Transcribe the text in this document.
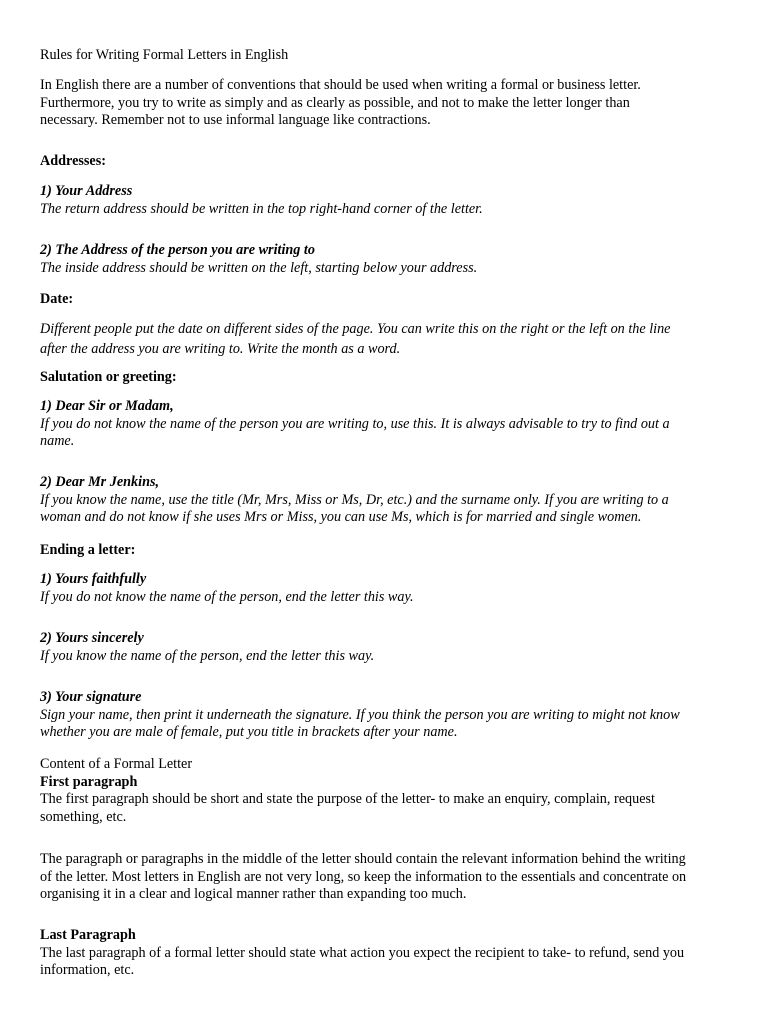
Rules for Writing Formal Letters in English

In English there are a number of conventions that should be used when writing a formal or business letter.
Furthermore, you try to write as simply and as clearly as possible, and not to make the letter longer than
necessary. Remember not to use informal language like contractions.

Addresses:

1) Your Address
The return address should be written in the top right-hand corner of the letter.

2) The Address of the person you are writing to
The inside address should be written on the left, starting below your address.

Date:

Different people put the date on different sides of the page. You can write this on the right or the left on the line
after the address you are writing to. Write the month as a word.

Salutation or greeting:

1) Dear Sir or Madam,
If you do not know the name of the person you are writing to, use this. It is always advisable to try to find out a
name.

2) Dear Mr Jenkins,
If you know the name, use the title (Mr, Mrs, Miss or Ms, Dr, etc.) and the surname only. If you are writing to a
woman and do not know if she uses Mrs or Miss, you can use Ms, which is for married and single women.

Ending a letter:

1) Yours faithfully
If you do not know the name of the person, end the letter this way.

2) Yours sincerely
If you know the name of the person, end the letter this way.

3) Your signature
Sign your name, then print it underneath the signature. If you think the person you are writing to might not know
whether you are male of female, put you title in brackets after your name.

Content of a Formal Letter
First paragraph
The first paragraph should be short and state the purpose of the letter- to make an enquiry, complain, request
something, etc.

The paragraph or paragraphs in the middle of the letter should contain the relevant information behind the writing
of the letter. Most letters in English are not very long, so keep the information to the essentials and concentrate on
organising it in a clear and logical manner rather than expanding too much.

Last Paragraph
The last paragraph of a formal letter should state what action you expect the recipient to take- to refund, send you
information, etc.
